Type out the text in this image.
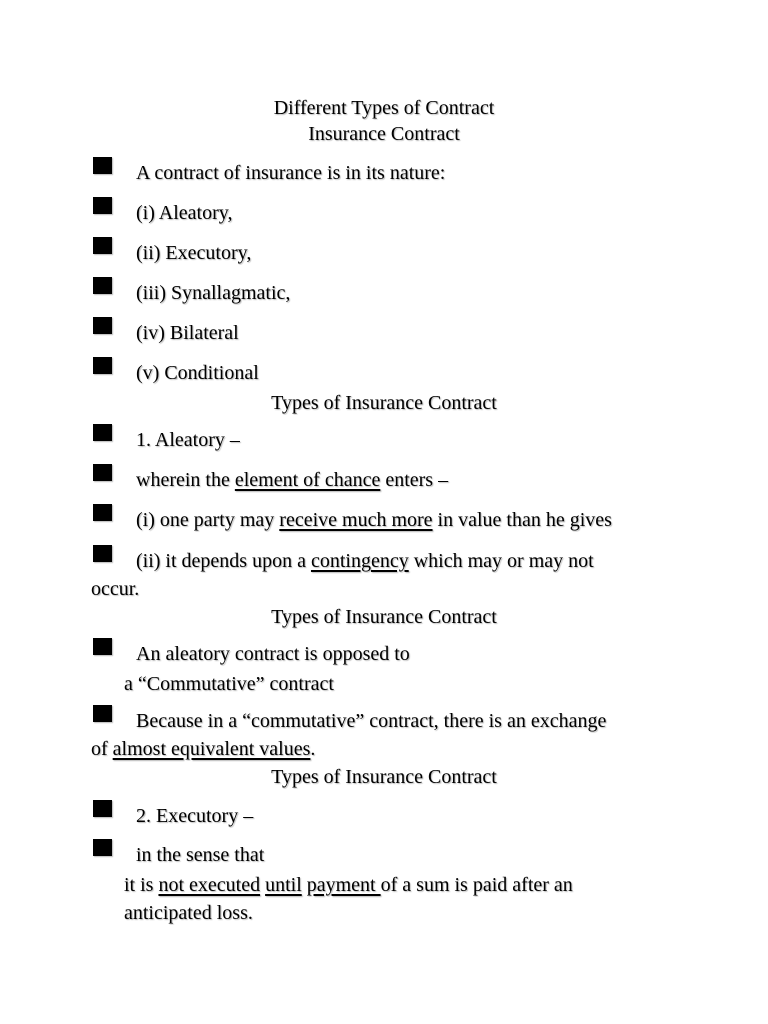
Different Types of Contract
Insurance Contract
A contract of insurance is in its nature:
(i) Aleatory,
(ii) Executory,
(iii) Synallagmatic,
(iv) Bilateral
(v) Conditional
Types of Insurance Contract
1. Aleatory –
wherein the element of chance enters –
(i) one party may receive much more in value than he gives
(ii) it depends upon a contingency which may or may not
occur.
Types of Insurance Contract
An aleatory contract is opposed to
a “Commutative” contract
Because in a “commutative” contract, there is an exchange
of almost equivalent values.
Types of Insurance Contract
2. Executory –
in the sense that
it is not executed until payment of a sum is paid after an
anticipated loss.
